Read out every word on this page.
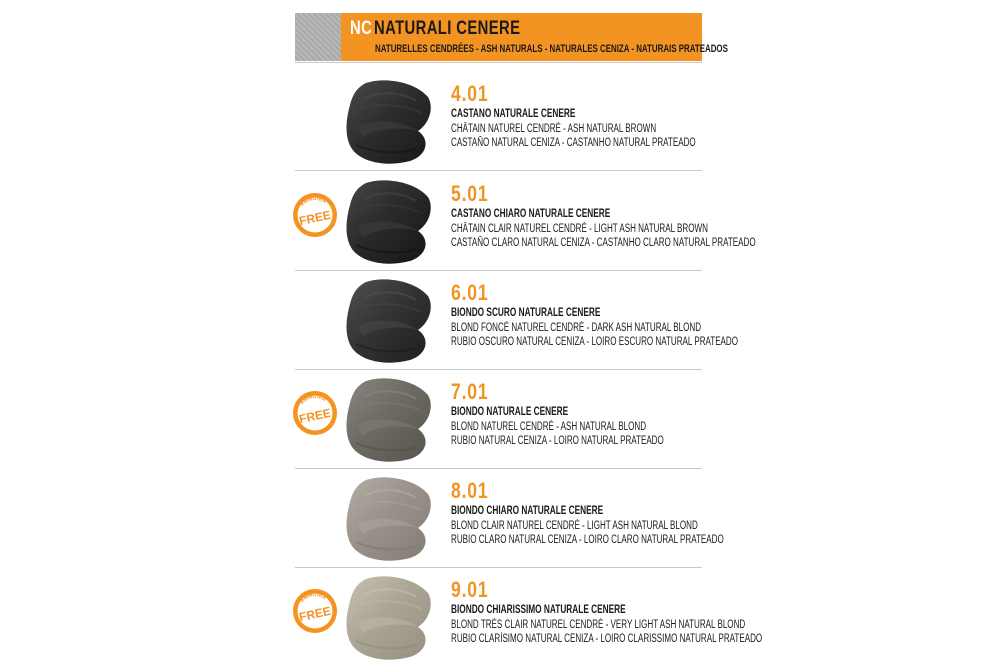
NC NATURALI CENERE
NATURELLES CENDRÉES - ASH NATURALS - NATURALES CENIZA - NATURAIS PRATEADOS
4.01
CASTANO NATURALE CENERE
CHÂTAIN NATUREL CENDRÉ - ASH NATURAL BROWN
CASTAÑO NATURAL CENIZA - CASTANHO NATURAL PRATEADO
AMMONIA
FREE
5.01
CASTANO CHIARO NATURALE CENERE
CHÂTAIN CLAIR NATUREL CENDRÉ - LIGHT ASH NATURAL BROWN
CASTAÑO CLARO NATURAL CENIZA - CASTANHO CLARO NATURAL PRATEADO
6.01
BIONDO SCURO NATURALE CENERE
BLOND FONCÉ NATUREL CENDRÉ - DARK ASH NATURAL BLOND
RUBIO OSCURO NATURAL CENIZA - LOIRO ESCURO NATURAL PRATEADO
AMMONIA
FREE
7.01
BIONDO NATURALE CENERE
BLOND NATUREL CENDRÉ - ASH NATURAL BLOND
RUBIO NATURAL CENIZA - LOIRO NATURAL PRATEADO
8.01
BIONDO CHIARO NATURALE CENERE
BLOND CLAIR NATUREL CENDRÉ - LIGHT ASH NATURAL BLOND
RUBIO CLARO NATURAL CENIZA - LOIRO CLARO NATURAL PRATEADO
AMMONIA
FREE
9.01
BIONDO CHIARISSIMO NATURALE CENERE
BLOND TRÈS CLAIR NATUREL CENDRÉ - VERY LIGHT ASH NATURAL BLOND
RUBIO CLARÍSIMO NATURAL CENIZA - LOIRO CLARISSIMO NATURAL PRATEADO
